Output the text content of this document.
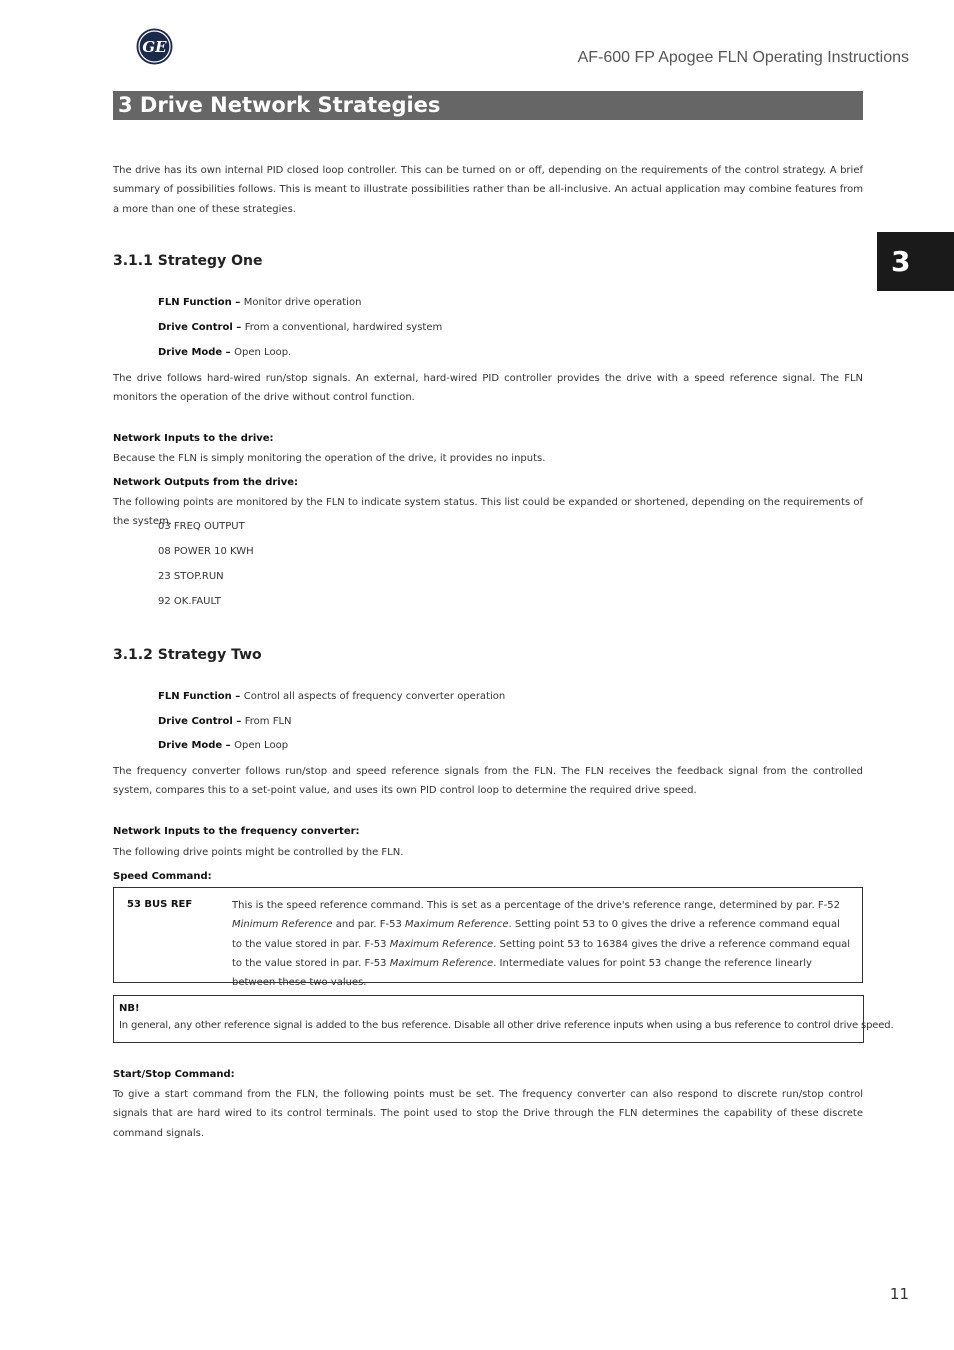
GE
AF-600 FP Apogee FLN Operating Instructions
3 Drive Network Strategies
3
The drive has its own internal PID closed loop controller. This can be turned on or off, depending on the requirements of the control strategy. A brief summary of possibilities follows. This is meant to illustrate possibilities rather than be all-inclusive. An actual application may combine features from a more than one of these strategies.
3.1.1 Strategy One
FLN Function – Monitor drive operation
Drive Control – From a conventional, hardwired system
Drive Mode – Open Loop.
The drive follows hard-wired run/stop signals. An external, hard-wired PID controller provides the drive with a speed reference signal. The FLN monitors the operation of the drive without control function.
Network Inputs to the drive:
Because the FLN is simply monitoring the operation of the drive, it provides no inputs.
Network Outputs from the drive:
The following points are monitored by the FLN to indicate system status. This list could be expanded or shortened, depending on the requirements of the system.
03 FREQ OUTPUT
08 POWER 10 KWH
23 STOP.RUN
92 OK.FAULT
3.1.2 Strategy Two
FLN Function – Control all aspects of frequency converter operation
Drive Control – From FLN
Drive Mode – Open Loop
The frequency converter follows run/stop and speed reference signals from the FLN. The FLN receives the feedback signal from the controlled system, compares this to a set-point value, and uses its own PID control loop to determine the required drive speed.
Network Inputs to the frequency converter:
The following drive points might be controlled by the FLN.
Speed Command:
53 BUS REF	This is the speed reference command. This is set as a percentage of the drive's reference range, determined by par. F-52 Minimum Reference and par. F-53 Maximum Reference. Setting point 53 to 0 gives the drive a reference command equal to the value stored in par. F-53 Maximum Reference. Setting point 53 to 16384 gives the drive a reference command equal to the value stored in par. F-53 Maximum Reference. Intermediate values for point 53 change the reference linearly between these two values.
NB!
In general, any other reference signal is added to the bus reference. Disable all other drive reference inputs when using a bus reference to control drive speed.
Start/Stop Command:
To give a start command from the FLN, the following points must be set. The frequency converter can also respond to discrete run/stop control signals that are hard wired to its control terminals. The point used to stop the Drive through the FLN determines the capability of these discrete command signals.
11
